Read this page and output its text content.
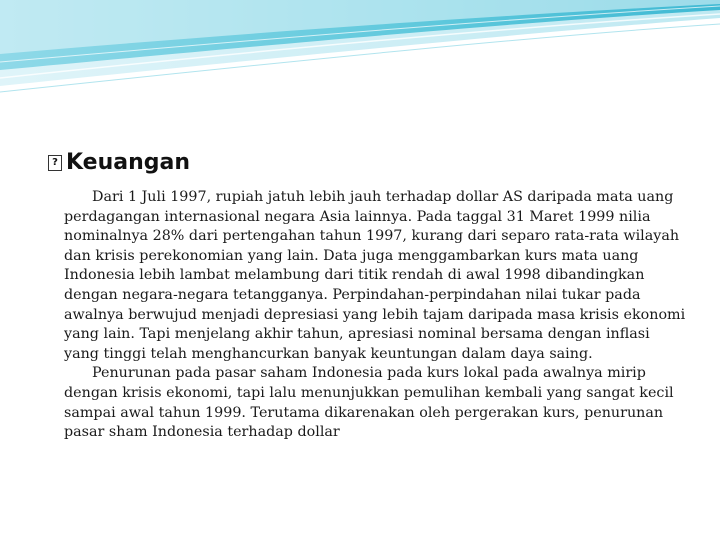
? Keuangan

Dari 1 Juli 1997, rupiah jatuh lebih jauh terhadap dollar AS daripada mata uang perdagangan internasional negara Asia lainnya. Pada taggal 31 Maret 1999 nilia nominalnya 28% dari pertengahan tahun 1997, kurang dari separo rata-rata wilayah dan krisis perekonomian yang lain. Data juga menggambarkan kurs mata uang Indonesia lebih lambat melambung dari titik rendah di awal 1998 dibandingkan dengan negara-negara tetangganya. Perpindahan-perpindahan nilai tukar pada awalnya berwujud menjadi depresiasi yang lebih tajam daripada masa krisis ekonomi yang lain. Tapi menjelang akhir tahun, apresiasi nominal bersama dengan inflasi yang tinggi telah menghancurkan banyak keuntungan dalam daya saing.

Penurunan pada pasar saham Indonesia pada kurs lokal pada awalnya mirip dengan krisis ekonomi, tapi lalu menunjukkan pemulihan kembali yang sangat kecil sampai awal tahun 1999. Terutama dikarenakan oleh pergerakan kurs, penurunan pasar sham Indonesia terhadap dollar
